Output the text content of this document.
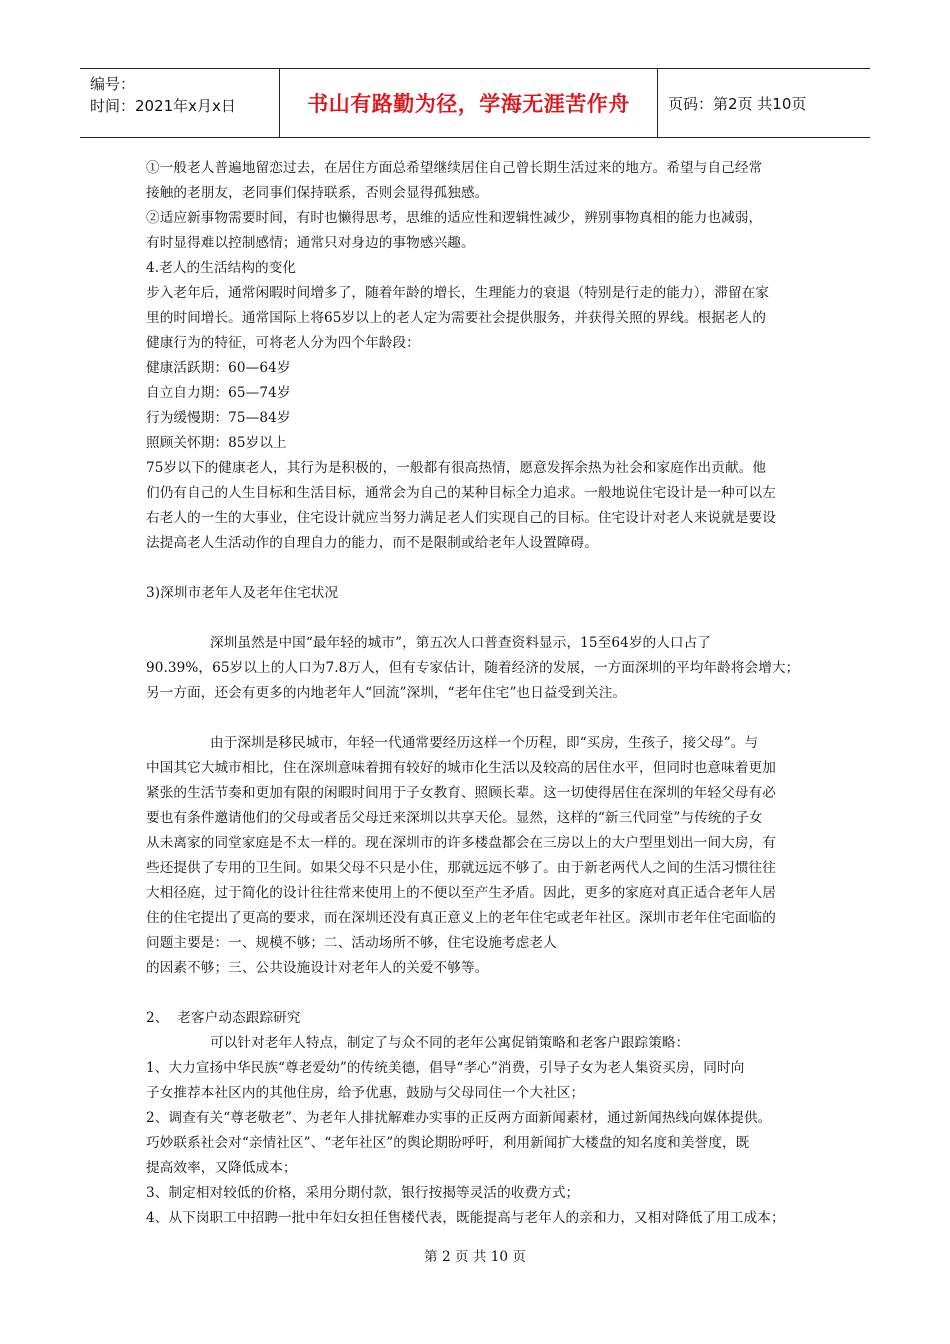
编号：
时间：2021年x月x日	书山有路勤为径，学海无涯苦作舟	页码：第2页 共10页

①一般老人普遍地留恋过去，在居住方面总希望继续居住自己曾长期生活过来的地方。希望与自己经常

接触的老朋友，老同事们保持联系，否则会显得孤独感。

②适应新事物需要时间，有时也懒得思考，思维的适应性和逻辑性减少，辨别事物真相的能力也减弱，

有时显得难以控制感情；通常只对身边的事物感兴趣。

4.老人的生活结构的变化

步入老年后，通常闲暇时间增多了，随着年龄的增长，生理能力的衰退（特别是行走的能力），滞留在家

里的时间增长。通常国际上将65岁以上的老人定为需要社会提供服务，并获得关照的界线。根据老人的

健康行为的特征，可将老人分为四个年龄段：

健康活跃期：60—64岁

自立自力期：65—74岁

行为缓慢期：75—84岁

照顾关怀期：85岁以上

75岁以下的健康老人，其行为是积极的，一般都有很高热情，愿意发挥余热为社会和家庭作出贡献。他

们仍有自己的人生目标和生活目标，通常会为自己的某种目标全力追求。一般地说住宅设计是一种可以左

右老人的一生的大事业，住宅设计就应当努力满足老人们实现自己的目标。住宅设计对老人来说就是要设

法提高老人生活动作的自理自力的能力，而不是限制或给老年人设置障碍。

3)深圳市老年人及老年住宅状况

深圳虽然是中国“最年轻的城市”，第五次人口普查资料显示，15至64岁的人口占了

90.39%，65岁以上的人口为7.8万人，但有专家估计，随着经济的发展，一方面深圳的平均年龄将会增大；

另一方面，还会有更多的内地老年人“回流”深圳，“老年住宅”也日益受到关注。

由于深圳是移民城市，年轻一代通常要经历这样一个历程，即“买房，生孩子，接父母”。与

中国其它大城市相比，住在深圳意味着拥有较好的城市化生活以及较高的居住水平，但同时也意味着更加

紧张的生活节奏和更加有限的闲暇时间用于子女教育、照顾长辈。这一切使得居住在深圳的年轻父母有必

要也有条件邀请他们的父母或者岳父母迁来深圳以共享天伦。显然，这样的“新三代同堂”与传统的子女

从未离家的同堂家庭是不太一样的。现在深圳市的许多楼盘都会在三房以上的大户型里划出一间大房，有

些还提供了专用的卫生间。如果父母不只是小住，那就远远不够了。由于新老两代人之间的生活习惯往往

大相径庭，过于简化的设计往往常来使用上的不便以至产生矛盾。因此，更多的家庭对真正适合老年人居

住的住宅提出了更高的要求，而在深圳还没有真正意义上的老年住宅或老年社区。深圳市老年住宅面临的

问题主要是：一、规模不够；二、活动场所不够，住宅设施考虑老人

的因素不够；三、公共设施设计对老年人的关爱不够等。

2、  老客户动态跟踪研究

可以针对老年人特点，制定了与众不同的老年公寓促销策略和老客户跟踪策略：

1、大力宣扬中华民族“尊老爱幼”的传统美德，倡导“孝心”消费，引导子女为老人集资买房，同时向

子女推荐本社区内的其他住房，给予优惠，鼓励与父母同住一个大社区；

2、调查有关“尊老敬老”、为老年人排扰解难办实事的正反两方面新闻素材，通过新闻热线向媒体提供。

巧妙联系社会对“亲情社区”、“老年社区”的舆论期盼呼吁，利用新闻扩大楼盘的知名度和美誉度，既

提高效率，又降低成本；

3、制定相对较低的价格，采用分期付款，银行按揭等灵活的收费方式；

4、从下岗职工中招聘一批中年妇女担任售楼代表，既能提高与老年人的亲和力，又相对降低了用工成本；

第 2 页 共 10 页
